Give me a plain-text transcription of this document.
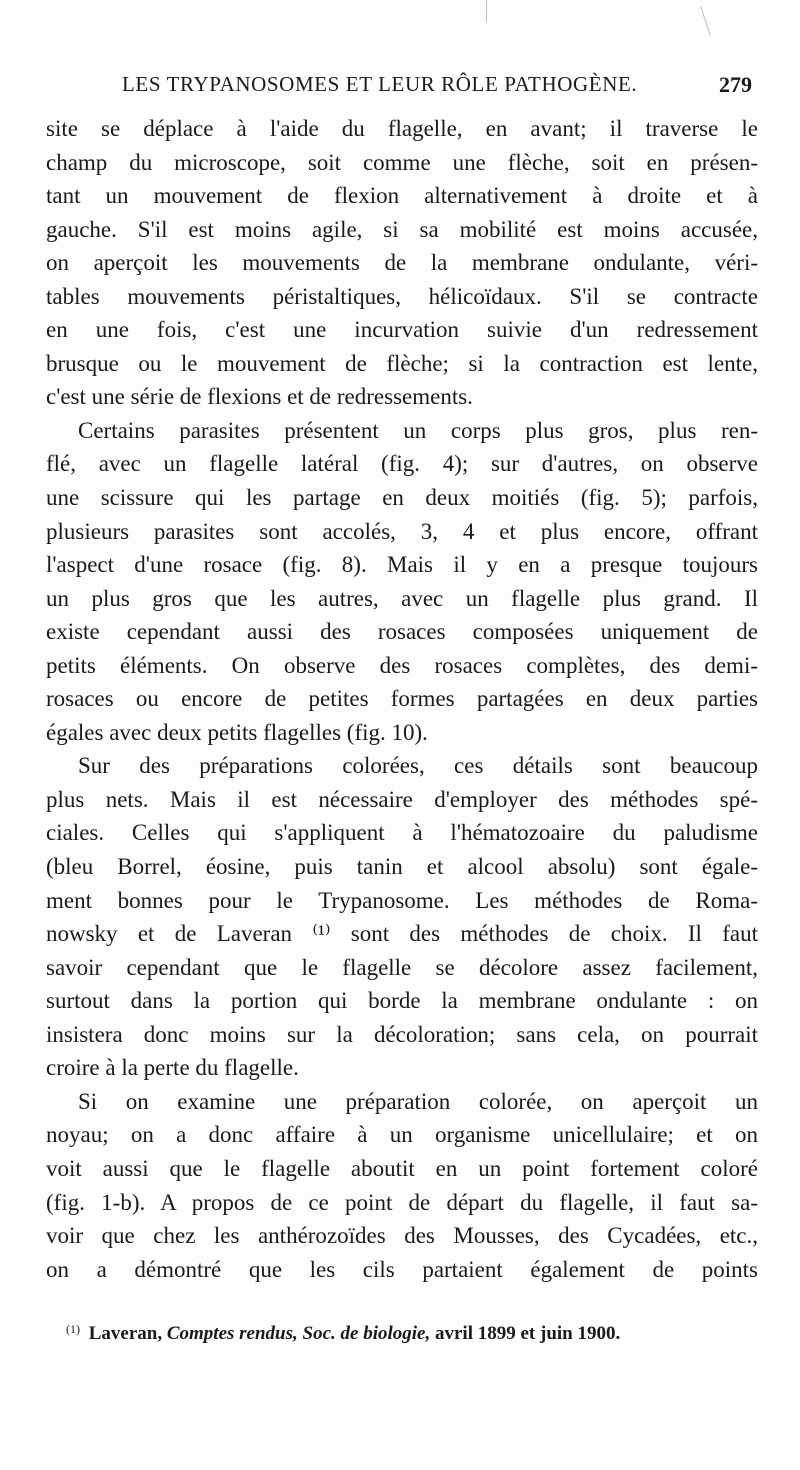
LES TRYPANOSOMES ET LEUR RÔLE PATHOGÈNE.	279
site se déplace à l'aide du flagelle, en avant; il traverse le
champ du microscope, soit comme une flèche, soit en présen-
tant un mouvement de flexion alternativement à droite et à
gauche. S'il est moins agile, si sa mobilité est moins accusée,
on aperçoit les mouvements de la membrane ondulante, véri-
tables mouvements péristaltiques, hélicoïdaux. S'il se contracte
en une fois, c'est une incurvation suivie d'un redressement
brusque ou le mouvement de flèche; si la contraction est lente,
c'est une série de flexions et de redressements.
Certains parasites présentent un corps plus gros, plus ren-
flé, avec un flagelle latéral (fig. 4); sur d'autres, on observe
une scissure qui les partage en deux moitiés (fig. 5); parfois,
plusieurs parasites sont accolés, 3, 4 et plus encore, offrant
l'aspect d'une rosace (fig. 8). Mais il y en a presque toujours
un plus gros que les autres, avec un flagelle plus grand. Il
existe cependant aussi des rosaces composées uniquement de
petits éléments. On observe des rosaces complètes, des demi-
rosaces ou encore de petites formes partagées en deux parties
égales avec deux petits flagelles (fig. 10).
Sur des préparations colorées, ces détails sont beaucoup
plus nets. Mais il est nécessaire d'employer des méthodes spé-
ciales. Celles qui s'appliquent à l'hématozoaire du paludisme
(bleu Borrel, éosine, puis tanin et alcool absolu) sont égale-
ment bonnes pour le Trypanosome. Les méthodes de Roma-
nowsky et de Laveran ⁽¹⁾ sont des méthodes de choix. Il faut
savoir cependant que le flagelle se décolore assez facilement,
surtout dans la portion qui borde la membrane ondulante : on
insistera donc moins sur la décoloration; sans cela, on pourrait
croire à la perte du flagelle.
Si on examine une préparation colorée, on aperçoit un
noyau; on a donc affaire à un organisme unicellulaire; et on
voit aussi que le flagelle aboutit en un point fortement coloré
(fig. 1-b). A propos de ce point de départ du flagelle, il faut sa-
voir que chez les anthérozoïdes des Mousses, des Cycadées, etc.,
on a démontré que les cils partaient également de points
$^{(1)}$ Laveran, Comptes rendus, Soc. de biologie, avril 1899 et juin 1900.
